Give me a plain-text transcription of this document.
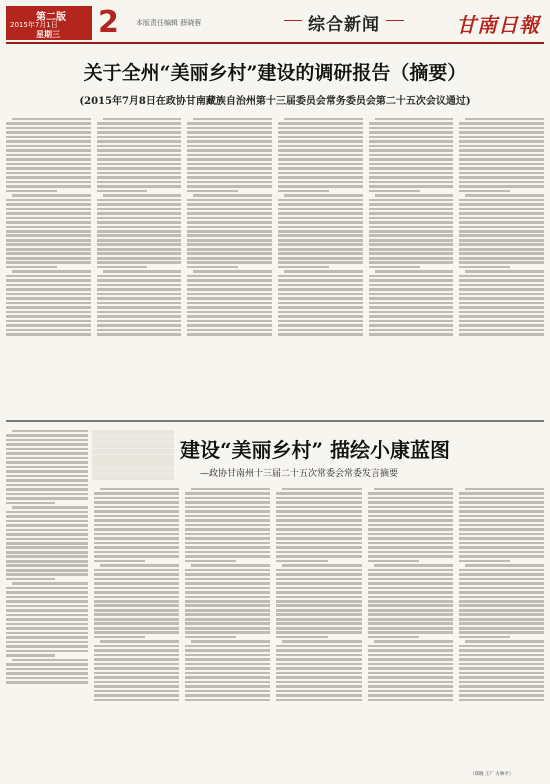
第二版
2015年7月1日
星期三 2 本版责任编辑 薛晓蓉	综合新闻	甘南日報
关于全州“美丽乡村”建设的调研报告（摘要）
(2015年7月8日在政协甘南藏族自治州第十三届委员会常务委员会第二十五次会议通过)
建设“美丽乡村” 描绘小康蓝图
—政协甘南州十三届二十五次常委会常委发言摘要
（郑晓 王广 方林平）
